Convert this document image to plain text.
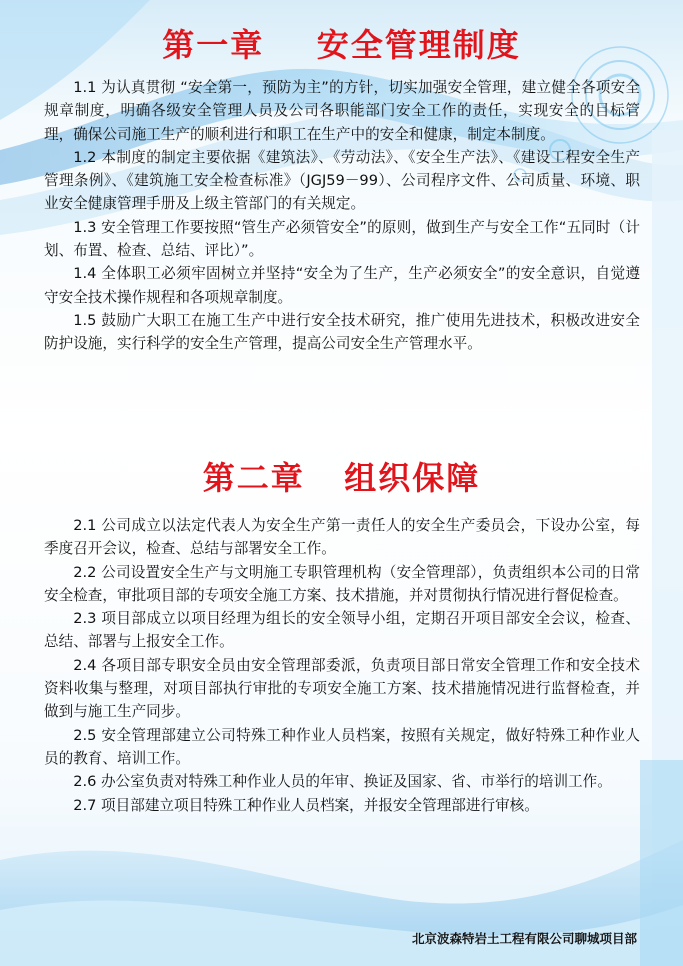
第一章    安全管理制度

1.1 为认真贯彻 “安全第一，预防为主”的方针，切实加强安全管理，建立健全各项安全规章制度，明确各级安全管理人员及公司各职能部门安全工作的责任，实现安全的目标管理，确保公司施工生产的顺利进行和职工在生产中的安全和健康，制定本制度。

1.2 本制度的制定主要依据《建筑法》、《劳动法》、《安全生产法》、《建设工程安全生产管理条例》、《建筑施工安全检查标准》（JGJ59－99）、公司程序文件、公司质量、环境、职业安全健康管理手册及上级主管部门的有关规定。

1.3 安全管理工作要按照“管生产必须管安全”的原则，做到生产与安全工作“五同时（计划、布置、检查、总结、评比）”。

1.4 全体职工必须牢固树立并坚持“安全为了生产，生产必须安全”的安全意识，自觉遵守安全技术操作规程和各项规章制度。

1.5 鼓励广大职工在施工生产中进行安全技术研究，推广使用先进技术，积极改进安全防护设施，实行科学的安全生产管理，提高公司安全生产管理水平。

第二章   组织保障

2.1 公司成立以法定代表人为安全生产第一责任人的安全生产委员会，下设办公室，每季度召开会议，检查、总结与部署安全工作。

2.2 公司设置安全生产与文明施工专职管理机构（安全管理部），负责组织本公司的日常安全检查，审批项目部的专项安全施工方案、技术措施，并对贯彻执行情况进行督促检查。

2.3 项目部成立以项目经理为组长的安全领导小组，定期召开项目部安全会议，检查、总结、部署与上报安全工作。

2.4 各项目部专职安全员由安全管理部委派，负责项目部日常安全管理工作和安全技术资料收集与整理，对项目部执行审批的专项安全施工方案、技术措施情况进行监督检查，并做到与施工生产同步。

2.5 安全管理部建立公司特殊工种作业人员档案，按照有关规定，做好特殊工种作业人员的教育、培训工作。

2.6 办公室负责对特殊工种作业人员的年审、换证及国家、省、市举行的培训工作。

2.7 项目部建立项目特殊工种作业人员档案，并报安全管理部进行审核。

北京波森特岩土工程有限公司聊城项目部
